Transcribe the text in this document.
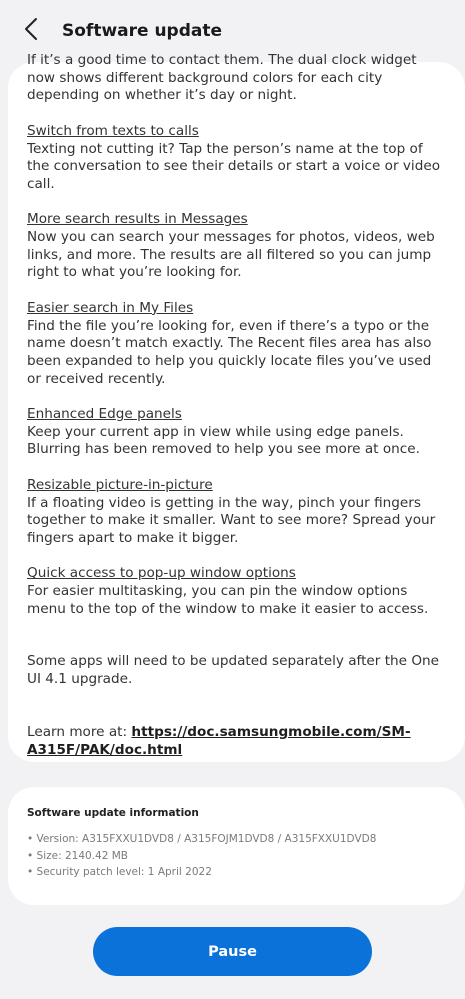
Software update
If it’s a good time to contact them. The dual clock widget now shows different background colors for each city depending on whether it’s day or night.
Switch from texts to calls
Texting not cutting it? Tap the person’s name at the top of the conversation to see their details or start a voice or video call.
More search results in Messages
Now you can search your messages for photos, videos, web links, and more. The results are all filtered so you can jump right to what you’re looking for.
Easier search in My Files
Find the file you’re looking for, even if there’s a typo or the name doesn’t match exactly. The Recent files area has also been expanded to help you quickly locate files you’ve used or received recently.
Enhanced Edge panels
Keep your current app in view while using edge panels. Blurring has been removed to help you see more at once.
Resizable picture-in-picture
If a floating video is getting in the way, pinch your fingers together to make it smaller. Want to see more? Spread your fingers apart to make it bigger.
Quick access to pop-up window options
For easier multitasking, you can pin the window options menu to the top of the window to make it easier to access.
Some apps will need to be updated separately after the One UI 4.1 upgrade.
Learn more at: https://doc.samsungmobile.com/SM-A315F/PAK/doc.html
Software update information
• Version: A315FXXU1DVD8 / A315FOJM1DVD8 / A315FXXU1DVD8
• Size: 2140.42 MB
• Security patch level: 1 April 2022
Pause
